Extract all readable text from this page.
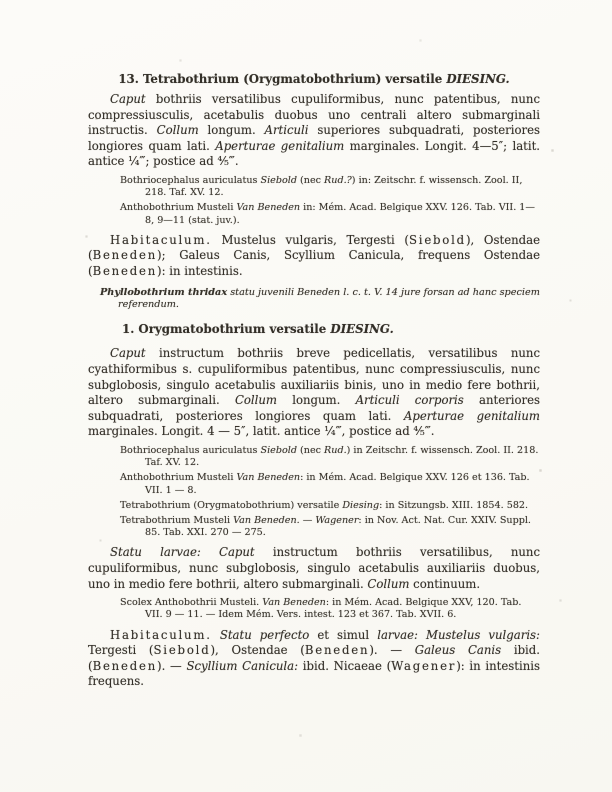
13. Tetrabothrium (Orygmatobothrium) versatile DIESING.

Caput bothriis versatilibus cupuliformibus, nunc patentibus, nunc compressiusculis, acetabulis duobus uno centrali altero submarginali instructis. Collum longum. Articuli superiores subquadrati, posteriores longiores quam lati. Aperturae genitalium marginales. Longit. 4—5″; latit. antice ¼‴; postice ad ⅘‴.

Bothriocephalus auriculatus Siebold (nec Rud.?) in: Zeitschr. f. wissensch. Zool. II, 218. Taf. XV. 12.

Anthobothrium Musteli Van Beneden in: Mém. Acad. Belgique XXV. 126. Tab. VII. 1—8, 9—11 (stat. juv.).

Habitaculum. Mustelus vulgaris, Tergesti (Siebold), Ostendae (Beneden); Galeus Canis, Scyllium Canicula, frequens Ostendae (Beneden): in intestinis.

Phyllobothrium thridax statu juvenili Beneden l. c. t. V. 14 jure forsan ad hanc speciem referendum.

1. Orygmatobothrium versatile DIESING.

Caput instructum bothriis breve pedicellatis, versatilibus nunc cyathiformibus s. cupuliformibus patentibus, nunc compressiusculis, nunc subglobosis, singulo acetabulis auxiliariis binis, uno in medio fere bothrii, altero submarginali. Collum longum. Articuli corporis anteriores subquadrati, posteriores longiores quam lati. Aperturae genitalium marginales. Longit. 4 — 5″, latit. antice ¼‴, postice ad ⅘‴.

Bothriocephalus auriculatus Siebold (nec Rud.) in Zeitschr. f. wissensch. Zool. II. 218. Taf. XV. 12.

Anthobothrium Musteli Van Beneden: in Mém. Acad. Belgique XXV. 126 et 136. Tab. VII. 1 — 8.

Tetrabothrium (Orygmatobothrium) versatile Diesing: in Sitzungsb. XIII. 1854. 582.

Tetrabothrium Musteli Van Beneden. — Wagener: in Nov. Act. Nat. Cur. XXIV. Suppl. 85. Tab. XXI. 270 — 275.

Statu larvae: Caput instructum bothriis versatilibus, nunc cupuliformibus, nunc subglobosis, singulo acetabulis auxiliariis duobus, uno in medio fere bothrii, altero submarginali. Collum continuum.

Scolex Anthobothrii Musteli. Van Beneden: in Mém. Acad. Belgique XXV, 120. Tab. VII. 9 — 11. — Idem Mém. Vers. intest. 123 et 367. Tab. XVII. 6.

Habitaculum. Statu perfecto et simul larvae: Mustelus vulgaris: Tergesti (Siebold), Ostendae (Beneden). — Galeus Canis ibid. (Beneden). — Scyllium Canicula: ibid. Nicaeae (Wagener): in intestinis frequens.
